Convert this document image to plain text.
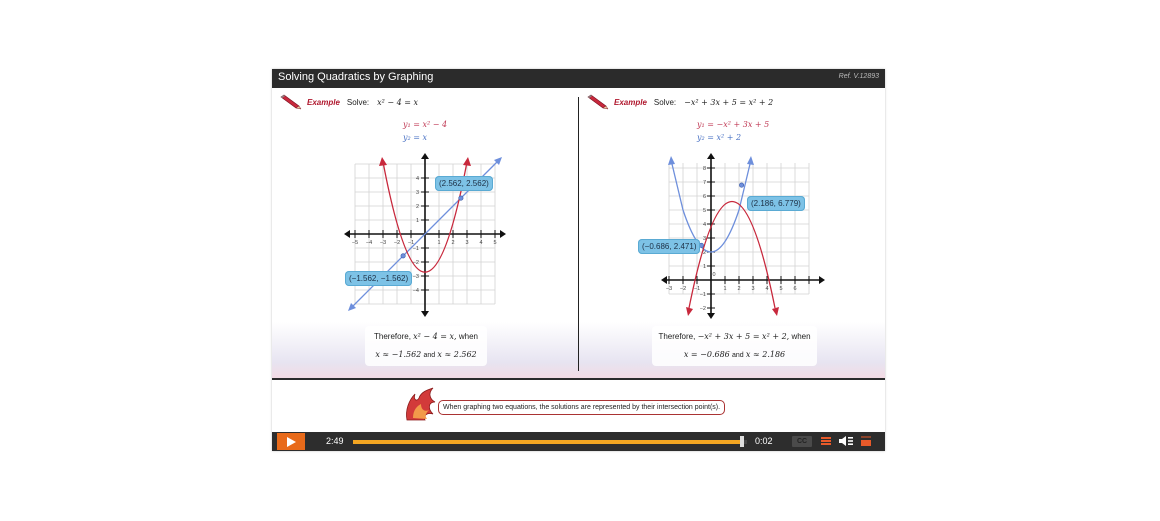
Solving Quadratics by Graphing	Ref. V.12893
Example Solve: x² − 4 = x
y₁ = x² − 4
y₂ = x
−5 −4 −3 −2 −1	1 2 3 4 5
4
3
2
1
−1
−2
−3
−4
(2.562, 2.562)
(−1.562, −1.562)
Therefore, x² − 4 = x, when
x ≈ −1.562 and x ≈ 2.562
Example Solve: −x² + 3x + 5 = x² + 2
y₁ = −x² + 3x + 5
y₂ = x² + 2
−3 −2 −1
0
1 2 3 4 5 6
8
7
6
5
4
3
2
1
−1
−2
(2.186, 6.779)
(−0.686, 2.471)
Therefore, −x² + 3x + 5 = x² + 2, when
x = −0.686 and x ≈ 2.186
When graphing two equations, the solutions are represented by their intersection point(s).
2:49	0:02	CC
